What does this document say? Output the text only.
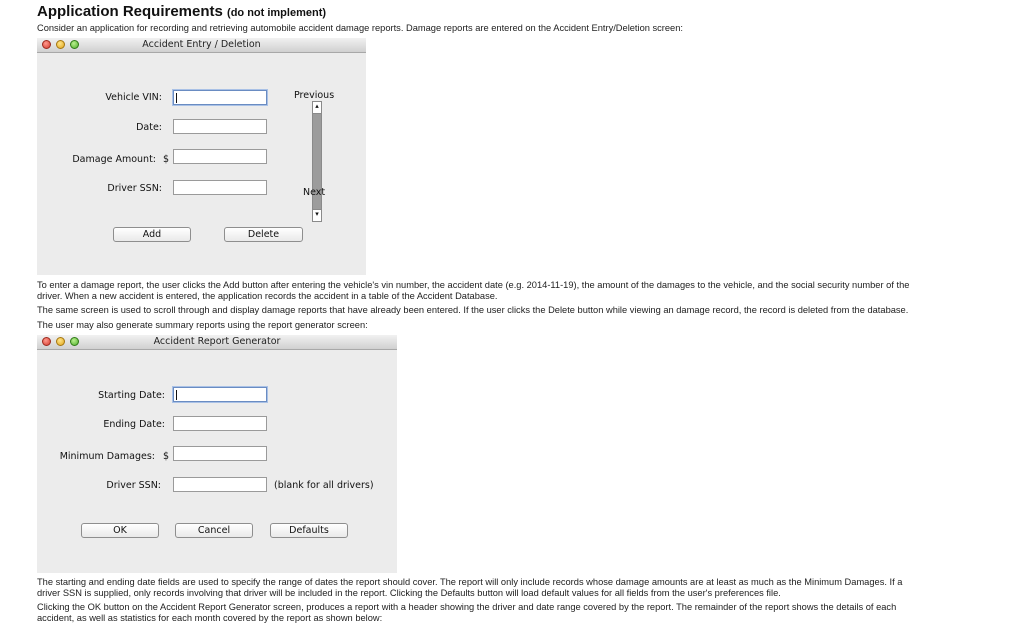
Application Requirements (do not implement)
Consider an application for recording and retrieving automobile accident damage reports. Damage reports are entered on the Accident Entry/Deletion screen:
Accident Entry / Deletion
Vehicle VIN:
Date:
Damage Amount: $
Driver SSN:
Previous
▴
▾
Next
Add	Delete
To enter a damage report, the user clicks the Add button after entering the vehicle's vin number, the accident date (e.g. 2014-11-19), the amount of the damages to the vehicle, and the social security number of the
driver. When a new accident is entered, the application records the accident in a table of the Accident Database.
The same screen is used to scroll through and display damage reports that have already been entered. If the user clicks the Delete button while viewing an damage record, the record is deleted from the database.
The user may also generate summary reports using the report generator screen:
Accident Report Generator
Starting Date:
Ending Date:
Minimum Damages: $
Driver SSN:	(blank for all drivers)
OK	Cancel	Defaults
The starting and ending date fields are used to specify the range of dates the report should cover. The report will only include records whose damage amounts are at least as much as the Minimum Damages. If a
driver SSN is supplied, only records involving that driver will be included in the report. Clicking the Defaults button will load default values for all fields from the user's preferences file.
Clicking the OK button on the Accident Report Generator screen, produces a report with a header showing the driver and date range covered by the report. The remainder of the report shows the details of each
accident, as well as statistics for each month covered by the report as shown below:
